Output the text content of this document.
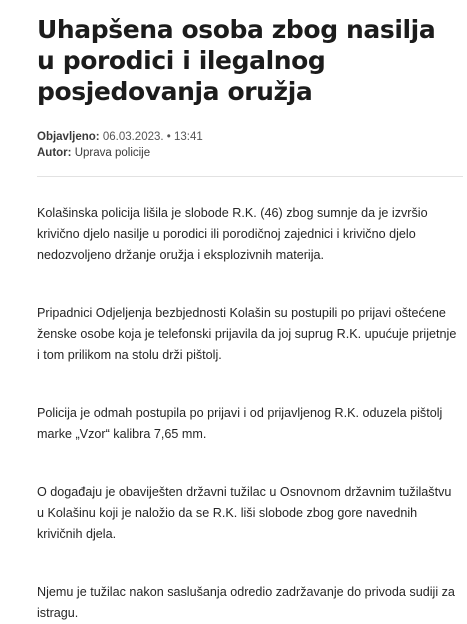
Uhapšena osoba zbog nasilja u porodici i ilegalnog posjedovanja oružja
Objavljeno: 06.03.2023. • 13:41
Autor: Uprava policije

Kolašinska policija lišila je slobode R.K. (46) zbog sumnje da je izvršio krivično djelo nasilje u porodici ili porodičnoj zajednici i krivično djelo nedozvoljeno držanje oružja i eksplozivnih materija.

Pripadnici Odjeljenja bezbjednosti Kolašin su postupili po prijavi oštećene ženske osobe koja je telefonski prijavila da joj suprug R.K. upućuje prijetnje i tom prilikom na stolu drži pištolj.

Policija je odmah postupila po prijavi i od prijavljenog R.K. oduzela pištolj marke „Vzor“ kalibra 7,65 mm.

O događaju je obaviješten državni tužilac u Osnovnom državnim tužilaštvu u Kolašinu koji je naložio da se R.K. liši slobode zbog gore navednih krivičnih djela.

Njemu je tužilac nakon saslušanja odredio zadržavanje do privoda sudiji za istragu.
